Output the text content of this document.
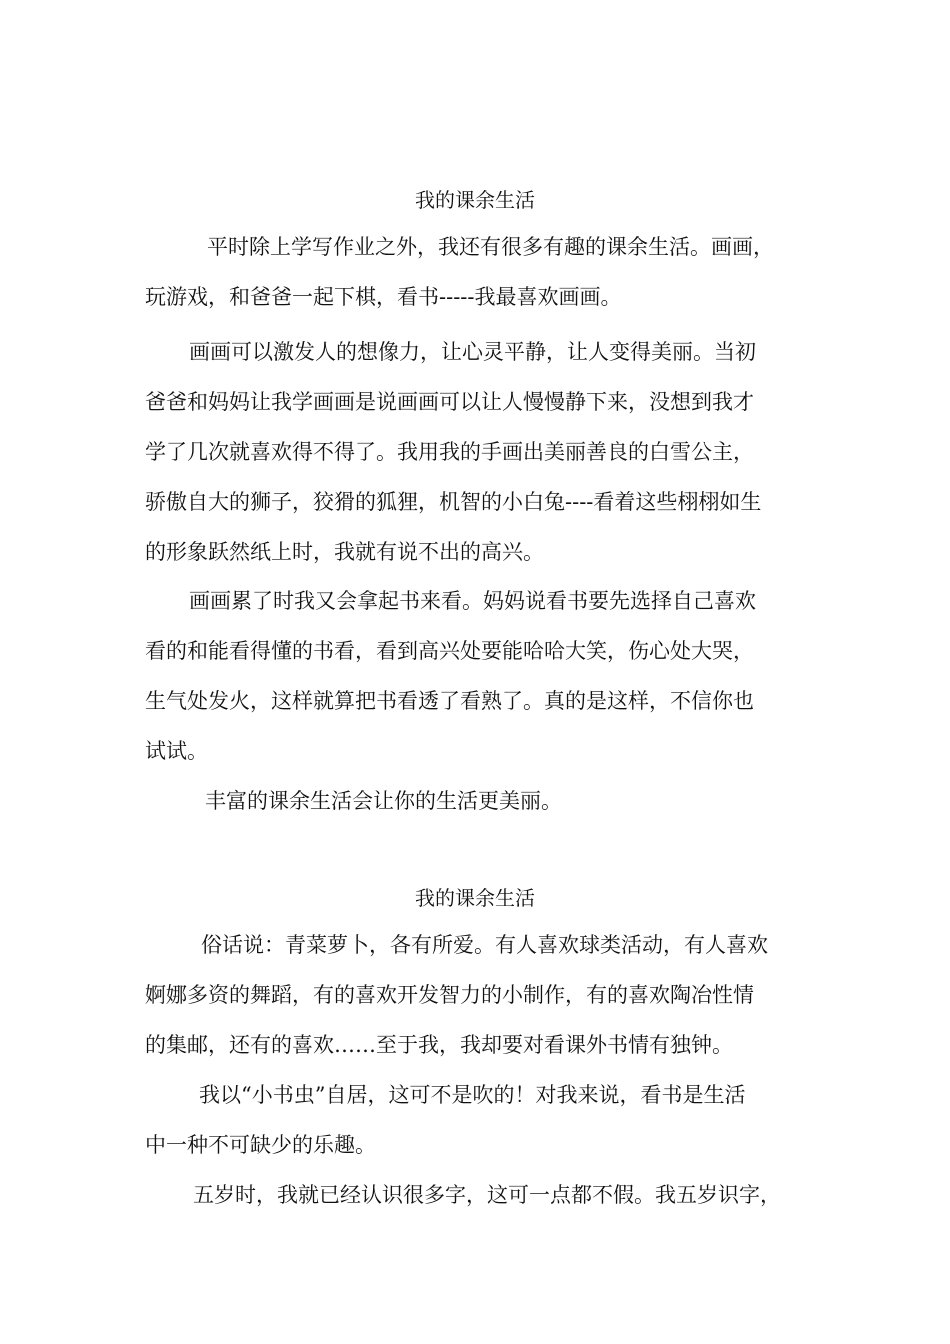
我的课余生活
平时除上学写作业之外，我还有很多有趣的课余生活。画画，
玩游戏，和爸爸一起下棋，看书-----我最喜欢画画。
画画可以激发人的想像力，让心灵平静，让人变得美丽。当初
爸爸和妈妈让我学画画是说画画可以让人慢慢静下来，没想到我才
学了几次就喜欢得不得了。我用我的手画出美丽善良的白雪公主，
骄傲自大的狮子，狡猾的狐狸，机智的小白兔----看着这些栩栩如生
的形象跃然纸上时，我就有说不出的高兴。
画画累了时我又会拿起书来看。妈妈说看书要先选择自己喜欢
看的和能看得懂的书看，看到高兴处要能哈哈大笑，伤心处大哭，
生气处发火，这样就算把书看透了看熟了。真的是这样，不信你也
试试。
丰富的课余生活会让你的生活更美丽。
我的课余生活
俗话说：青菜萝卜，各有所爱。有人喜欢球类活动，有人喜欢
婀娜多资的舞蹈，有的喜欢开发智力的小制作，有的喜欢陶冶性情
的集邮，还有的喜欢……至于我，我却要对看课外书情有独钟。
我以“小书虫”自居，这可不是吹的！对我来说，看书是生活
中一种不可缺少的乐趣。
五岁时，我就已经认识很多字，这可一点都不假。我五岁识字，
